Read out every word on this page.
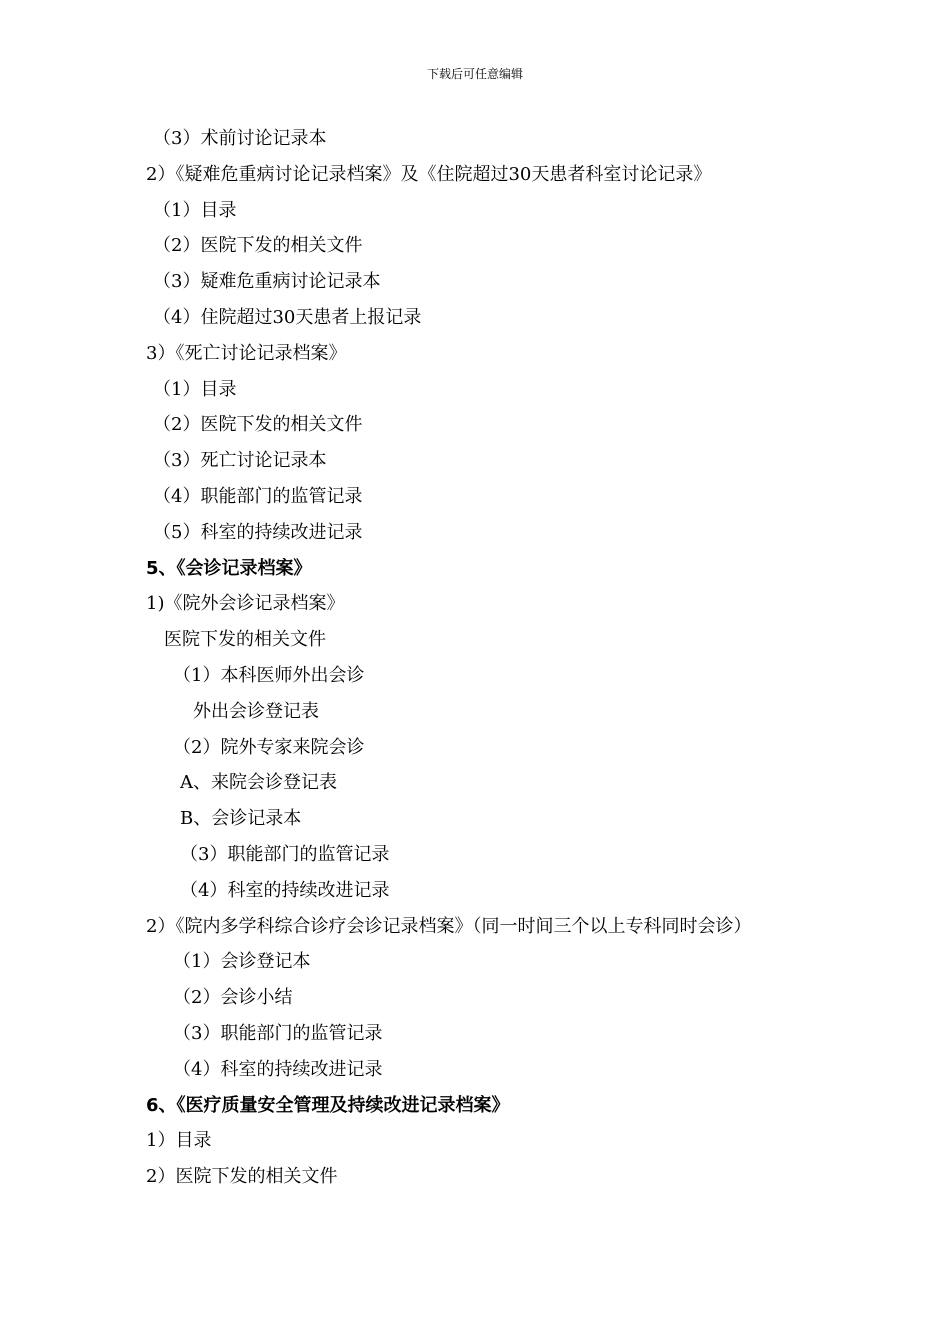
下载后可任意编辑
（3）术前讨论记录本
2）《疑难危重病讨论记录档案》及《住院超过30天患者科室讨论记录》
（1）目录
（2）医院下发的相关文件
（3）疑难危重病讨论记录本
（4）住院超过30天患者上报记录
3）《死亡讨论记录档案》
（1）目录
（2）医院下发的相关文件
（3）死亡讨论记录本
（4）职能部门的监管记录
（5）科室的持续改进记录
5、《会诊记录档案》
1)《院外会诊记录档案》
医院下发的相关文件
（1）本科医师外出会诊
外出会诊登记表
（2）院外专家来院会诊
A、来院会诊登记表
B、会诊记录本
（3）职能部门的监管记录
（4）科室的持续改进记录
2）《院内多学科综合诊疗会诊记录档案》（同一时间三个以上专科同时会诊）
（1）会诊登记本
（2）会诊小结
（3）职能部门的监管记录
（4）科室的持续改进记录
6、《医疗质量安全管理及持续改进记录档案》
1）目录
2）医院下发的相关文件
